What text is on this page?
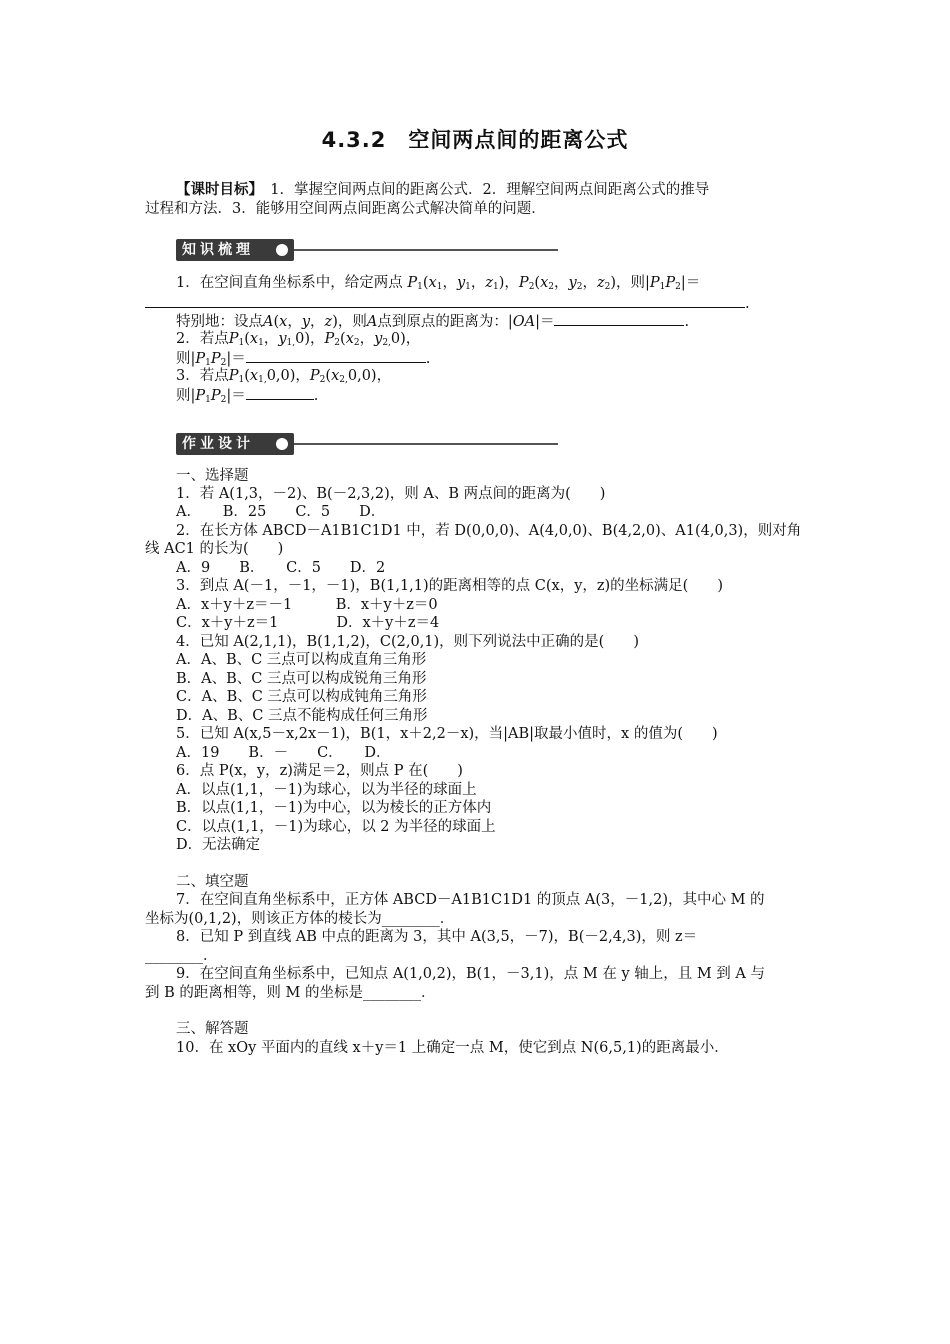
4.3.2　空间两点间的距离公式
【课时目标】　 1．掌握空间两点间的距离公式．2．理解空间两点间距离公式的推导
过程和方法．3．能够用空间两点间距离公式解决简单的问题．
知识梳理
1．在空间直角坐标系中，给定两点 $P_1(x_1$，$y_1$，$z_1$)，$P_2(x_2$，$y_2$，$z_2$)，则$|P_1P_2|=$
.
特别地：设点A(x，y，z)，则A点到原点的距离为：|OA|＝	.
2．若点$P_1(x_1$，$y_{1,}0$)，$P_2(x_2$，$y_{2,}0$)，
则$|P_1P_2|=$	.
3．若点$P_1(x_{1,}0,0)$，$P_2(x_{2,}0,0)$，
则$|P_1P_2|=$	.
作业设计
一、选择题
1．若 A(1,3，－2)、B(－2,3,2)，则 A、B 两点间的距离为(　　)
A．　　B．25　　C．5　　D．
2．在长方体 ABCD－A1B1C1D1 中，若 D(0,0,0)、A(4,0,0)、B(4,2,0)、A1(4,0,3)，则对角
线 AC1 的长为(　　)
A．9　　B．　　C．5　　D．2
3．到点 A(－1，－1，－1)，B(1,1,1)的距离相等的点 C(x，y，z)的坐标满足(　　)
A．x＋y＋z＝－1　　　B．x＋y＋z＝0
C．x＋y＋z＝1　　　　D．x＋y＋z＝4
4．已知 A(2,1,1)，B(1,1,2)，C(2,0,1)，则下列说法中正确的是(　　)
A．A、B、C 三点可以构成直角三角形
B．A、B、C 三点可以构成锐角三角形
C．A、B、C 三点可以构成钝角三角形
D．A、B、C 三点不能构成任何三角形
5．已知 A(x,5－x,2x－1)，B(1，x＋2,2－x)，当|AB|取最小值时，x 的值为(　　)
A．19　　B．－　　C．　　D．
6．点 P(x，y，z)满足＝2，则点 P 在(　　)
A．以点(1,1，－1)为球心，以为半径的球面上
B．以点(1,1，－1)为中心，以为棱长的正方体内
C．以点(1,1，－1)为球心，以 2 为半径的球面上
D．无法确定
二、填空题
7．在空间直角坐标系中，正方体 ABCD－A1B1C1D1 的顶点 A(3，－1,2)，其中心 M 的
坐标为(0,1,2)，则该正方体的棱长为________．
8．已知 P 到直线 AB 中点的距离为 3，其中 A(3,5，－7)，B(－2,4,3)，则 z＝
________．
9．在空间直角坐标系中，已知点 A(1,0,2)，B(1，－3,1)，点 M 在 y 轴上，且 M 到 A 与
到 B 的距离相等，则 M 的坐标是________．
三、解答题
10．在 xOy 平面内的直线 x＋y＝1 上确定一点 M，使它到点 N(6,5,1)的距离最小．
